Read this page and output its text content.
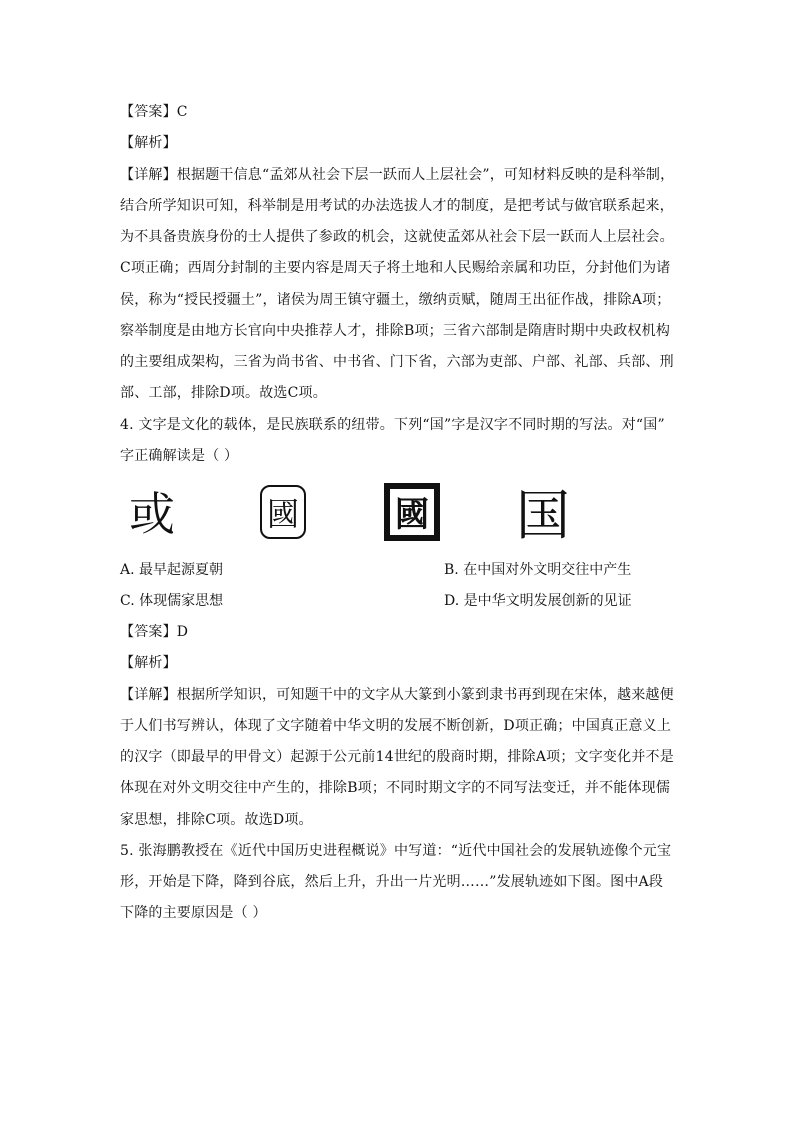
【答案】C
【解析】
【详解】根据题干信息“孟郊从社会下层一跃而人上层社会”，可知材料反映的是科举制，
结合所学知识可知，科举制是用考试的办法选拔人才的制度，是把考试与做官联系起来，
为不具备贵族身份的士人提供了参政的机会，这就使孟郊从社会下层一跃而人上层社会。
C项正确；西周分封制的主要内容是周天子将土地和人民赐给亲属和功臣，分封他们为诸
侯，称为“授民授疆土”，诸侯为周王镇守疆土，缴纳贡赋，随周王出征作战，排除A项；
察举制度是由地方长官向中央推荐人才，排除B项；三省六部制是隋唐时期中央政权机构
的主要组成架构，三省为尚书省、中书省、门下省，六部为吏部、户部、礼部、兵部、刑
部、工部，排除D项。故选C项。
4. 文字是文化的载体，是民族联系的纽带。下列“国”字是汉字不同时期的写法。对“国”
字正确解读是（ ）
或	國	國 国
A. 最早起源夏朝	B. 在中国对外文明交往中产生
C. 体现儒家思想	D. 是中华文明发展创新的见证
【答案】D
【解析】
【详解】根据所学知识，可知题干中的文字从大篆到小篆到隶书再到现在宋体，越来越便
于人们书写辨认，体现了文字随着中华文明的发展不断创新，D项正确；中国真正意义上
的汉字（即最早的甲骨文）起源于公元前14世纪的殷商时期，排除A项；文字变化并不是
体现在对外文明交往中产生的，排除B项；不同时期文字的不同写法变迁，并不能体现儒
家思想，排除C项。故选D项。
5. 张海鹏教授在《近代中国历史进程概说》中写道：“近代中国社会的发展轨迹像个元宝
形，开始是下降，降到谷底，然后上升，升出一片光明……”发展轨迹如下图。图中A段
下降的主要原因是（ ）
